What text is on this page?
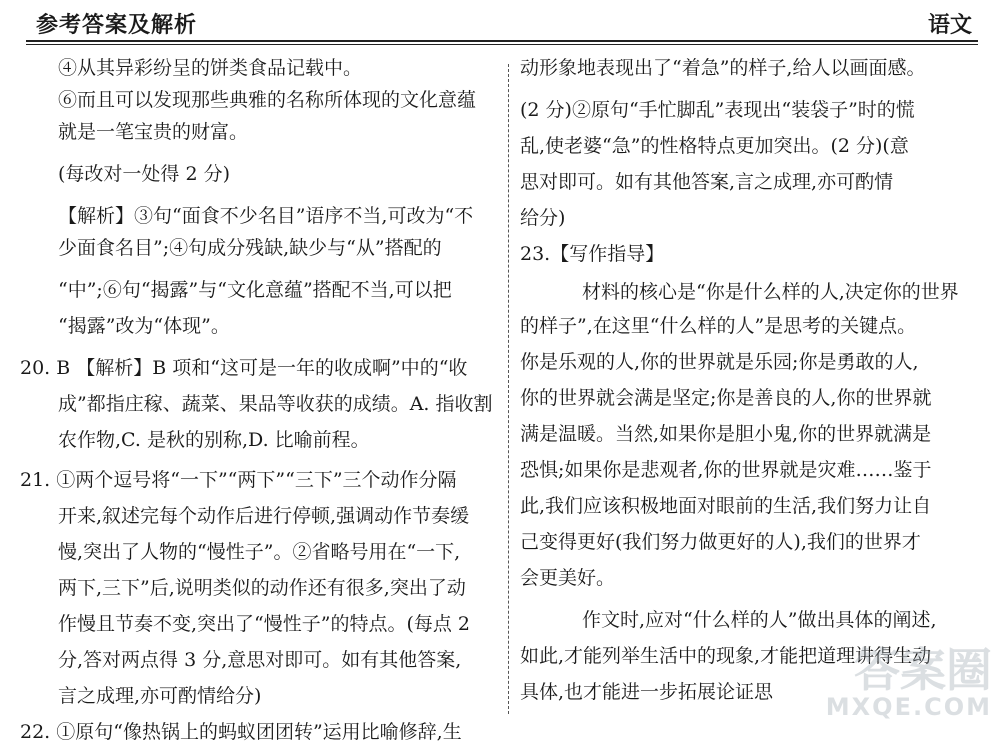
参考答案及解析	语文
④从其异彩纷呈的饼类食品记载中。
⑥而且可以发现那些典雅的名称所体现的文化意蕴
就是一笔宝贵的财富。
(每改对一处得 2 分)
【解析】③句“面食不少名目”语序不当,可改为“不
少面食名目”;④句成分残缺,缺少与“从”搭配的
“中”;⑥句“揭露”与“文化意蕴”搭配不当,可以把
“揭露”改为“体现”。
20. B 【解析】B 项和“这可是一年的收成啊”中的“收
成”都指庄稼、蔬菜、果品等收获的成绩。A. 指收割
农作物,C. 是秋的别称,D. 比喻前程。
21. ①两个逗号将“一下”“两下”“三下”三个动作分隔
开来,叙述完每个动作后进行停顿,强调动作节奏缓
慢,突出了人物的“慢性子”。②省略号用在“一下,
两下,三下”后,说明类似的动作还有很多,突出了动
作慢且节奏不变,突出了“慢性子”的特点。(每点 2
分,答对两点得 3 分,意思对即可。如有其他答案,
言之成理,亦可酌情给分)
22. ①原句“像热锅上的蚂蚁团团转”运用比喻修辞,生
动形象地表现出了“着急”的样子,给人以画面感。
(2 分)②原句“手忙脚乱”表现出“装袋子”时的慌
乱,使老婆“急”的性格特点更加突出。(2 分)(意
思对即可。如有其他答案,言之成理,亦可酌情
给分)
23.【写作指导】
材料的核心是“你是什么样的人,决定你的世界
的样子”,在这里“什么样的人”是思考的关键点。
你是乐观的人,你的世界就是乐园;你是勇敢的人,
你的世界就会满是坚定;你是善良的人,你的世界就
满是温暖。当然,如果你是胆小鬼,你的世界就满是
恐惧;如果你是悲观者,你的世界就是灾难……鉴于
此,我们应该积极地面对眼前的生活,我们努力让自
己变得更好(我们努力做更好的人),我们的世界才
会更美好。
作文时,应对“什么样的人”做出具体的阐述,
如此,才能列举生活中的现象,才能把道理讲得生动
具体,也才能进一步拓展论证思	答案圈
MXQE.COM
